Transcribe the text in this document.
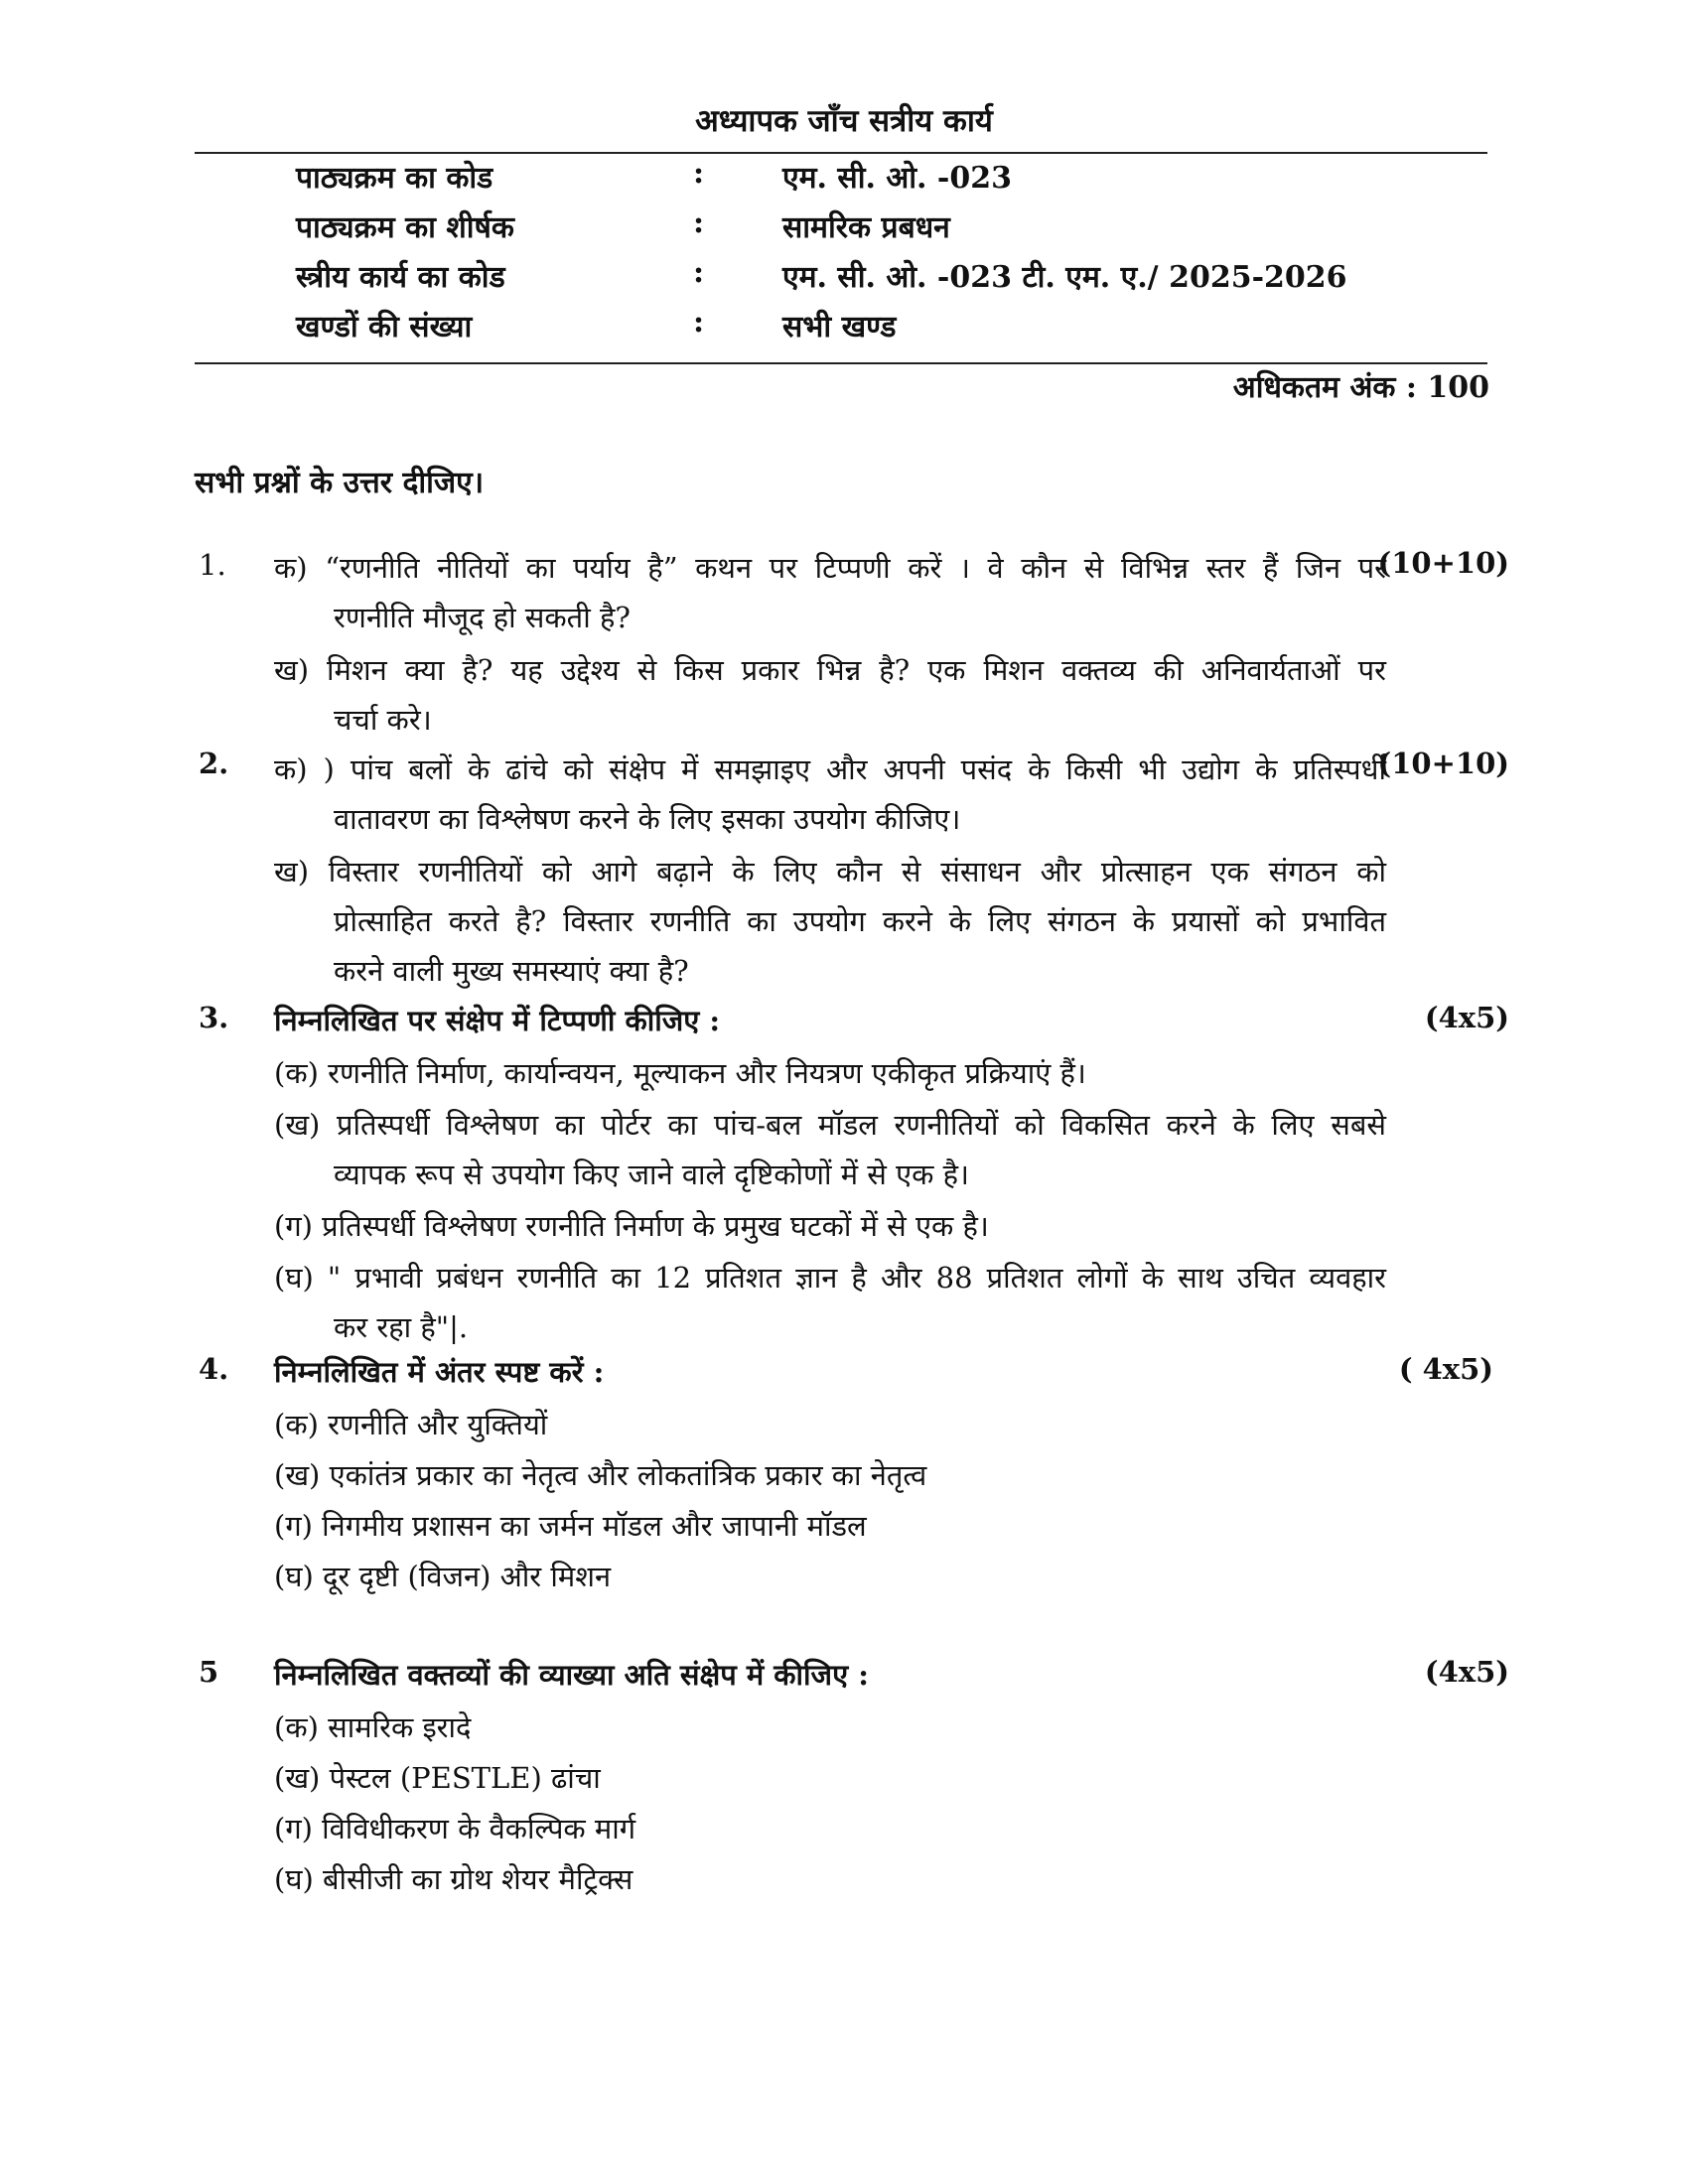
अध्यापक जाँच सत्रीय कार्य
पाठ्यक्रम का कोड	:	एम. सी. ओ. -023
पाठ्यक्रम का शीर्षक	:	सामरिक प्रबधन
स्त्रीय कार्य का कोड	:	एम. सी. ओ. -023 टी. एम. ए./ 2025-2026
खण्डों की संख्या	:	सभी खण्ड
अधिकतम अंक : 100
सभी प्रश्नों के उत्तर दीजिए।
1.	(10+10)
क) “रणनीति नीतियों का पर्याय है” कथन पर टिप्पणी करें । वे कौन से विभिन्न स्तर हैं जिन पर
रणनीति मौजूद हो सकती है?
ख) मिशन क्या है? यह उद्देश्य से किस प्रकार भिन्न है? एक मिशन वक्तव्य की अनिवार्यताओं पर
चर्चा करे।
2.	(10+10)
क) ) पांच बलों के ढांचे को संक्षेप में समझाइए और अपनी पसंद के किसी भी उद्योग के प्रतिस्पर्धी
वातावरण का विश्लेषण करने के लिए इसका उपयोग कीजिए।
ख) विस्तार रणनीतियों को आगे बढ़ाने के लिए कौन से संसाधन और प्रोत्साहन एक संगठन को
प्रोत्साहित करते है? विस्तार रणनीति का उपयोग करने के लिए संगठन के प्रयासों को प्रभावित
करने वाली मुख्य समस्याएं क्या है?
3.	(4x5)
निम्नलिखित पर संक्षेप में टिप्पणी कीजिए :
(क) रणनीति निर्माण, कार्यान्वयन, मूल्याकन और नियत्रण एकीकृत प्रक्रियाएं हैं।
(ख) प्रतिस्पर्धी विश्लेषण का पोर्टर का पांच-बल मॉडल रणनीतियों को विकसित करने के लिए सबसे
व्यापक रूप से उपयोग किए जाने वाले दृष्टिकोणों में से एक है।
(ग) प्रतिस्पर्धी विश्लेषण रणनीति निर्माण के प्रमुख घटकों में से एक है।
(घ) " प्रभावी प्रबंधन रणनीति का 12 प्रतिशत ज्ञान है और 88 प्रतिशत लोगों के साथ उचित व्यवहार
कर रहा है"|.
4.	( 4x5)
निम्नलिखित में अंतर स्पष्ट करें :
(क) रणनीति और युक्तियों
(ख) एकांतंत्र प्रकार का नेतृत्व और लोकतांत्रिक प्रकार का नेतृत्व
(ग) निगमीय प्रशासन का जर्मन मॉडल और जापानी मॉडल
(घ) दूर दृष्टी (विजन) और मिशन
5	(4x5)
निम्नलिखित वक्तव्यों की व्याख्या अति संक्षेप में कीजिए :
(क) सामरिक इरादे
(ख) पेस्टल (PESTLE) ढांचा
(ग) विविधीकरण के वैकल्पिक मार्ग
(घ) बीसीजी का ग्रोथ शेयर मैट्रिक्स
